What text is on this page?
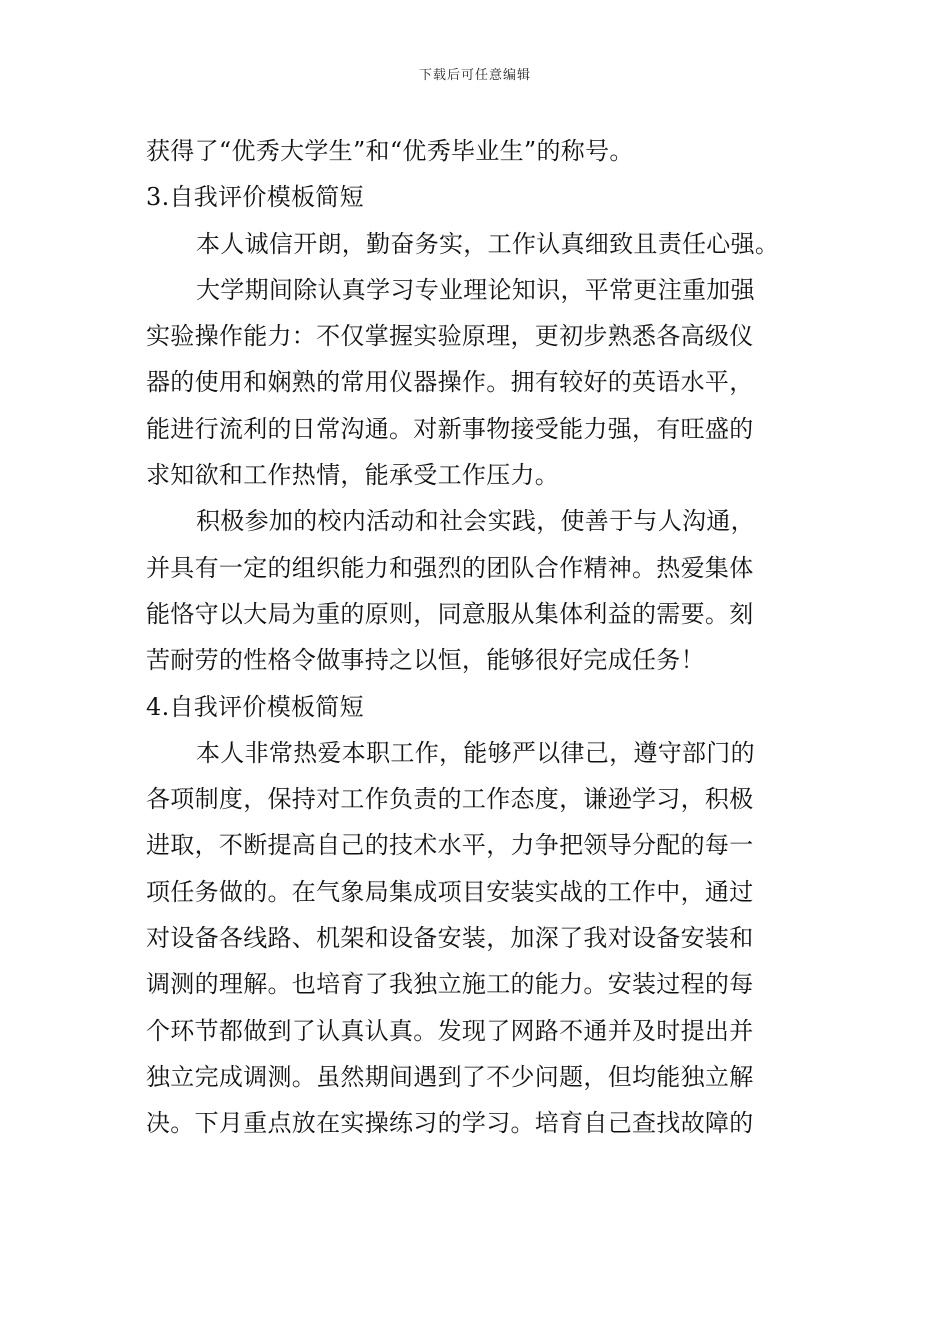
下载后可任意编辑
获得了“优秀大学生”和“优秀毕业生”的称号。
3.自我评价模板简短
本人诚信开朗，勤奋务实，工作认真细致且责任心强。
大学期间除认真学习专业理论知识，平常更注重加强
实验操作能力：不仅掌握实验原理，更初步熟悉各高级仪
器的使用和娴熟的常用仪器操作。拥有较好的英语水平，
能进行流利的日常沟通。对新事物接受能力强，有旺盛的
求知欲和工作热情，能承受工作压力。
积极参加的校内活动和社会实践，使善于与人沟通，
并具有一定的组织能力和强烈的团队合作精神。热爱集体
能恪守以大局为重的原则，同意服从集体利益的需要。刻
苦耐劳的性格令做事持之以恒，能够很好完成任务！
4.自我评价模板简短
本人非常热爱本职工作，能够严以律己，遵守部门的
各项制度，保持对工作负责的工作态度，谦逊学习，积极
进取，不断提高自己的技术水平，力争把领导分配的每一
项任务做的。在气象局集成项目安装实战的工作中，通过
对设备各线路、机架和设备安装，加深了我对设备安装和
调测的理解。也培育了我独立施工的能力。安装过程的每
个环节都做到了认真认真。发现了网路不通并及时提出并
独立完成调测。虽然期间遇到了不少问题，但均能独立解
决。下月重点放在实操练习的学习。培育自己查找故障的
